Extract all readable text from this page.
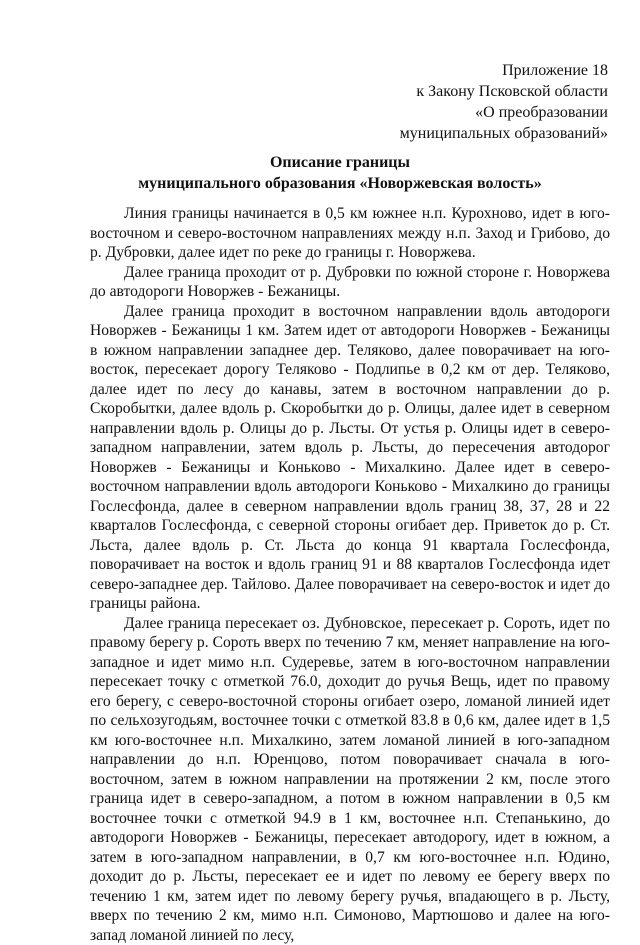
Приложение 18
к Закону Псковской области
«О преобразовании
муниципальных образований»
Описание границы
муниципального образования «Новоржевская волость»

Линия границы начинается в 0,5 км южнее н.п. Курохново, идет в юго-восточном и северо-восточном направлениях между н.п. Заход и Грибово, до р. Дубровки, далее идет по реке до границы г. Новоржева.

Далее граница проходит от р. Дубровки по южной стороне г. Новоржева до автодороги Новоржев - Бежаницы.

Далее граница проходит в восточном направлении вдоль автодороги Новоржев - Бежаницы 1 км. Затем идет от автодороги Новоржев - Бежаницы в южном направлении западнее дер. Теляково, далее поворачивает на юго-восток, пересекает дорогу Теляково - Подлипье в 0,2 км от дер. Теляково, далее идет по лесу до канавы, затем в восточном направлении до р. Скоробытки, далее вдоль р. Скоробытки до р. Олицы, далее идет в северном направлении вдоль р. Олицы до р. Льсты. От устья р. Олицы идет в северо-западном направлении, затем вдоль р. Льсты, до пересечения автодорог Новоржев - Бежаницы и Коньково - Михалкино. Далее идет в северо-восточном направлении вдоль автодороги Коньково - Михалкино до границы Гослесфонда, далее в северном направлении вдоль границ 38, 37, 28 и 22 кварталов Гослесфонда, с северной стороны огибает дер. Приветок до р. Ст. Льста, далее вдоль р. Ст. Льста до конца 91 квартала Гослесфонда, поворачивает на восток и вдоль границ 91 и 88 кварталов Гослесфонда идет северо-западнее дер. Тайлово. Далее поворачивает на северо-восток и идет до границы района.

Далее граница пересекает оз. Дубновское, пересекает р. Сороть, идет по правому берегу р. Сороть вверх по течению 7 км, меняет направление на юго-западное и идет мимо н.п. Судеревье, затем в юго-восточном направлении пересекает точку с отметкой 76.0, доходит до ручья Вещь, идет по правому его берегу, с северо-восточной стороны огибает озеро, ломаной линией идет по сельхозугодьям, восточнее точки с отметкой 83.8 в 0,6 км, далее идет в 1,5 км юго-восточнее н.п. Михалкино, затем ломаной линией в юго-западном направлении до н.п. Юренцово, потом поворачивает сначала в юго-восточном, затем в южном направлении на протяжении 2 км, после этого граница идет в северо-западном, а потом в южном направлении в 0,5 км восточнее точки с отметкой 94.9 в 1 км, восточнее н.п. Степанькино, до автодороги Новоржев - Бежаницы, пересекает автодорогу, идет в южном, а затем в юго-западном направлении, в 0,7 км юго-восточнее н.п. Юдино, доходит до р. Льсты, пересекает ее и идет по левому ее берегу вверх по течению 1 км, затем идет по левому берегу ручья, впадающего в р. Льсту, вверх по течению 2 км, мимо н.п. Симоново, Мартюшово и далее на юго-запад ломаной линией по лесу,
